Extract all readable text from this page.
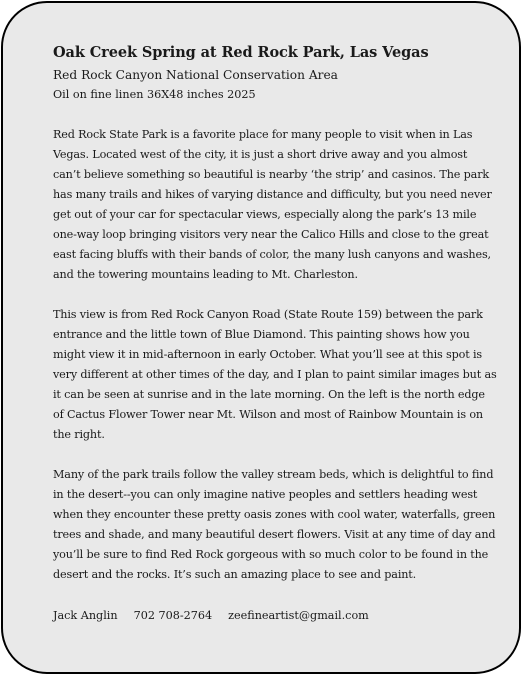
Oak Creek Spring at Red Rock Park, Las Vegas

Red Rock Canyon National Conservation Area

Oil on fine linen 36X48 inches 2025

Red Rock State Park is a favorite place for many people to visit when in Las Vegas. Located west of the city, it is just a short drive away and you almost can’t believe something so beautiful is nearby ‘the strip’ and casinos. The park has many trails and hikes of varying distance and difficulty, but you need never get out of your car for spectacular views, especially along the park’s 13 mile one-way loop bringing visitors very near the Calico Hills and close to the great east facing bluffs with their bands of color, the many lush canyons and washes, and the towering mountains leading to Mt. Charleston.

This view is from Red Rock Canyon Road (State Route 159) between the park entrance and the little town of Blue Diamond. This painting shows how you might view it in mid-afternoon in early October. What you’ll see at this spot is very different at other times of the day, and I plan to paint similar images but as it can be seen at sunrise and in the late morning. On the left is the north edge of Cactus Flower Tower near Mt. Wilson and most of Rainbow Mountain is on the right.

Many of the park trails follow the valley stream beds, which is delightful to find in the desert--you can only imagine native peoples and settlers heading west when they encounter these pretty oasis zones with cool water, waterfalls, green trees and shade, and many beautiful desert flowers. Visit at any time of day and you’ll be sure to find Red Rock gorgeous with so much color to be found in the desert and the rocks. It’s such an amazing place to see and paint.

Jack Anglin 702 708-2764 zeefineartist@gmail.com
